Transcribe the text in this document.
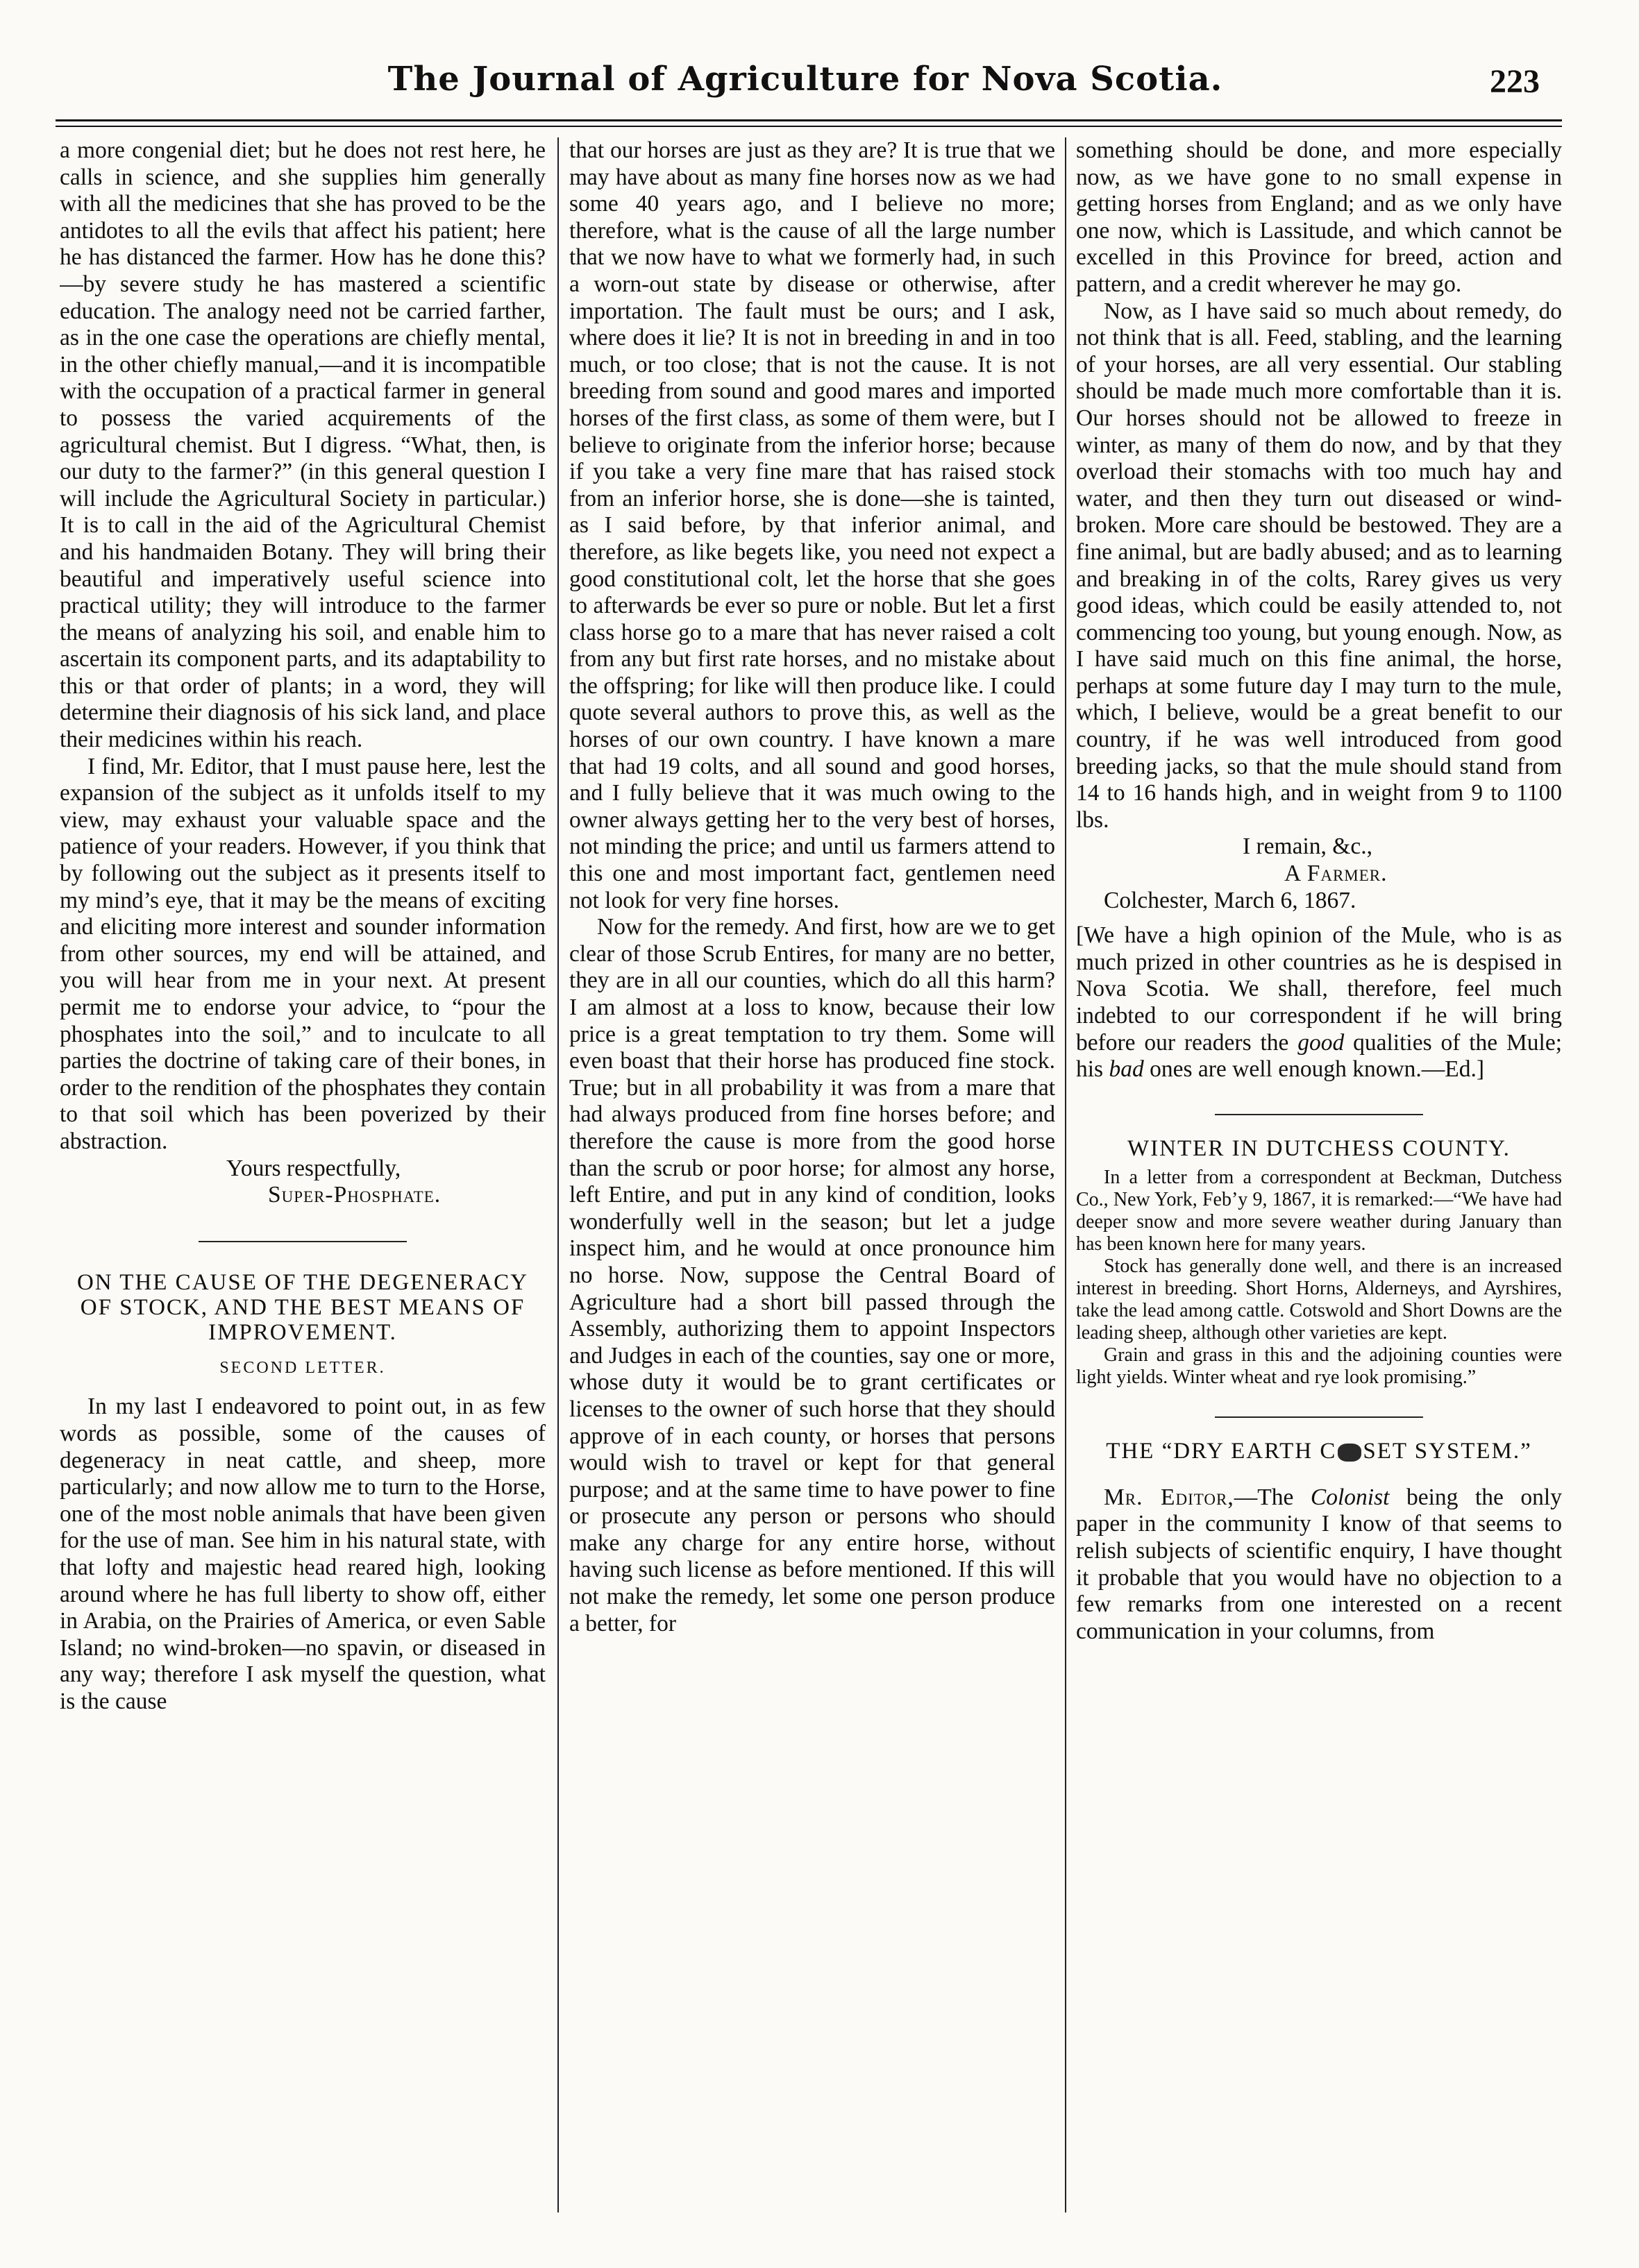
The Journal of Agriculture for Nova Scotia.	223

a more congenial diet; but he does not rest here, he calls in science, and she supplies him generally with all the medicines that she has proved to be the antidotes to all the evils that affect his patient; here he has distanced the farmer. How has he done this?—by severe study he has mastered a scientific education. The analogy need not be carried farther, as in the one case the operations are chiefly mental, in the other chiefly manual,—and it is incompatible with the occupation of a practical farmer in general to possess the varied acquirements of the agricultural chemist. But I digress. “What, then, is our duty to the farmer?” (in this general question I will include the Agricultural Society in particular.) It is to call in the aid of the Agricultural Chemist and his handmaiden Botany. They will bring their beautiful and imperatively useful science into practical utility; they will introduce to the farmer the means of analyzing his soil, and enable him to ascertain its component parts, and its adaptability to this or that order of plants; in a word, they will determine their diagnosis of his sick land, and place their medicines within his reach.

I find, Mr. Editor, that I must pause here, lest the expansion of the subject as it unfolds itself to my view, may exhaust your valuable space and the patience of your readers. However, if you think that by following out the subject as it presents itself to my mind’s eye, that it may be the means of exciting and eliciting more interest and sounder information from other sources, my end will be attained, and you will hear from me in your next. At present permit me to endorse your advice, to “pour the phosphates into the soil,” and to inculcate to all parties the doctrine of taking care of their bones, in order to the rendition of the phosphates they contain to that soil which has been poverized by their abstraction.

Yours respectfully,

Super-Phosphate.

ON THE CAUSE OF THE DEGENERACY OF STOCK, AND THE BEST MEANS OF IMPROVEMENT.

SECOND LETTER.

In my last I endeavored to point out, in as few words as possible, some of the causes of degeneracy in neat cattle, and sheep, more particularly; and now allow me to turn to the Horse, one of the most noble animals that have been given for the use of man. See him in his natural state, with that lofty and majestic head reared high, looking around where he has full liberty to show off, either in Arabia, on the Prairies of America, or even Sable Island; no wind-broken—no spavin, or diseased in any way; therefore I ask myself the question, what is the cause

that our horses are just as they are? It is true that we may have about as many fine horses now as we had some 40 years ago, and I believe no more; therefore, what is the cause of all the large number that we now have to what we formerly had, in such a worn-out state by disease or otherwise, after importation. The fault must be ours; and I ask, where does it lie? It is not in breeding in and in too much, or too close; that is not the cause. It is not breeding from sound and good mares and imported horses of the first class, as some of them were, but I believe to originate from the inferior horse; because if you take a very fine mare that has raised stock from an inferior horse, she is done—she is tainted, as I said before, by that inferior animal, and therefore, as like begets like, you need not expect a good constitutional colt, let the horse that she goes to afterwards be ever so pure or noble. But let a first class horse go to a mare that has never raised a colt from any but first rate horses, and no mistake about the offspring; for like will then produce like. I could quote several authors to prove this, as well as the horses of our own country. I have known a mare that had 19 colts, and all sound and good horses, and I fully believe that it was much owing to the owner always getting her to the very best of horses, not minding the price; and until us farmers attend to this one and most important fact, gentlemen need not look for very fine horses.

Now for the remedy. And first, how are we to get clear of those Scrub Entires, for many are no better, they are in all our counties, which do all this harm? I am almost at a loss to know, because their low price is a great temptation to try them. Some will even boast that their horse has produced fine stock. True; but in all probability it was from a mare that had always produced from fine horses before; and therefore the cause is more from the good horse than the scrub or poor horse; for almost any horse, left Entire, and put in any kind of condition, looks wonderfully well in the season; but let a judge inspect him, and he would at once pronounce him no horse. Now, suppose the Central Board of Agriculture had a short bill passed through the Assembly, authorizing them to appoint Inspectors and Judges in each of the counties, say one or more, whose duty it would be to grant certificates or licenses to the owner of such horse that they should approve of in each county, or horses that persons would wish to travel or kept for that general purpose; and at the same time to have power to fine or prosecute any person or persons who should make any charge for any entire horse, without having such license as before mentioned. If this will not make the remedy, let some one person produce a better, for

something should be done, and more especially now, as we have gone to no small expense in getting horses from England; and as we only have one now, which is Lassitude, and which cannot be excelled in this Province for breed, action and pattern, and a credit wherever he may go.

Now, as I have said so much about remedy, do not think that is all. Feed, stabling, and the learning of your horses, are all very essential. Our stabling should be made much more comfortable than it is. Our horses should not be allowed to freeze in winter, as many of them do now, and by that they overload their stomachs with too much hay and water, and then they turn out diseased or wind-broken. More care should be bestowed. They are a fine animal, but are badly abused; and as to learning and breaking in of the colts, Rarey gives us very good ideas, which could be easily attended to, not commencing too young, but young enough. Now, as I have said much on this fine animal, the horse, perhaps at some future day I may turn to the mule, which, I believe, would be a great benefit to our country, if he was well introduced from good breeding jacks, so that the mule should stand from 14 to 16 hands high, and in weight from 9 to 1100 lbs.

I remain, &c.,

A Farmer.

Colchester, March 6, 1867.

[We have a high opinion of the Mule, who is as much prized in other countries as he is despised in Nova Scotia. We shall, therefore, feel much indebted to our correspondent if he will bring before our readers the good qualities of the Mule; his bad ones are well enough known.—Ed.]

WINTER IN DUTCHESS COUNTY.

In a letter from a correspondent at Beckman, Dutchess Co., New York, Feb’y 9, 1867, it is remarked:—“We have had deeper snow and more severe weather during January than has been known here for many years.

Stock has generally done well, and there is an increased interest in breeding. Short Horns, Alderneys, and Ayrshires, take the lead among cattle. Cotswold and Short Downs are the leading sheep, although other varieties are kept.

Grain and grass in this and the adjoining counties were light yields. Winter wheat and rye look promising.”

THE “DRY EARTH C SET SYSTEM.”

Mr. Editor,—The Colonist being the only paper in the community I know of that seems to relish subjects of scientific enquiry, I have thought it probable that you would have no objection to a few remarks from one interested on a recent communication in your columns, from
